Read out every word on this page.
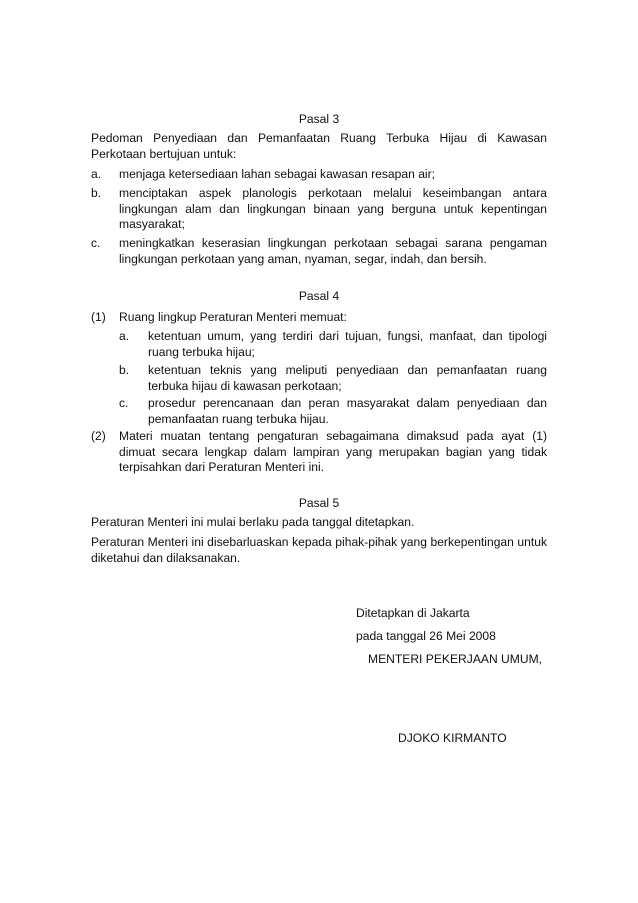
Pasal 3
Pedoman Penyediaan dan Pemanfaatan Ruang Terbuka Hijau di Kawasan Perkotaan bertujuan untuk:
a. menjaga ketersediaan lahan sebagai kawasan resapan air;
b. menciptakan aspek planologis perkotaan melalui keseimbangan antara lingkungan alam dan lingkungan binaan yang berguna untuk kepentingan masyarakat;
c. meningkatkan keserasian lingkungan perkotaan sebagai sarana pengaman lingkungan perkotaan yang aman, nyaman, segar, indah, dan bersih.
Pasal 4
(1) Ruang lingkup Peraturan Menteri memuat:
a. ketentuan umum, yang terdiri dari tujuan, fungsi, manfaat, dan tipologi ruang terbuka hijau;
b. ketentuan teknis yang meliputi penyediaan dan pemanfaatan ruang terbuka hijau di kawasan perkotaan;
c. prosedur perencanaan dan peran masyarakat dalam penyediaan dan pemanfaatan ruang terbuka hijau.
(2) Materi muatan tentang pengaturan sebagaimana dimaksud pada ayat (1) dimuat secara lengkap dalam lampiran yang merupakan bagian yang tidak terpisahkan dari Peraturan Menteri ini.
Pasal 5
Peraturan Menteri ini mulai berlaku pada tanggal ditetapkan.
Peraturan Menteri ini disebarluaskan kepada pihak-pihak yang berkepentingan untuk diketahui dan dilaksanakan.
Ditetapkan di Jakarta
pada tanggal 26 Mei 2008
MENTERI PEKERJAAN UMUM,
DJOKO KIRMANTO
